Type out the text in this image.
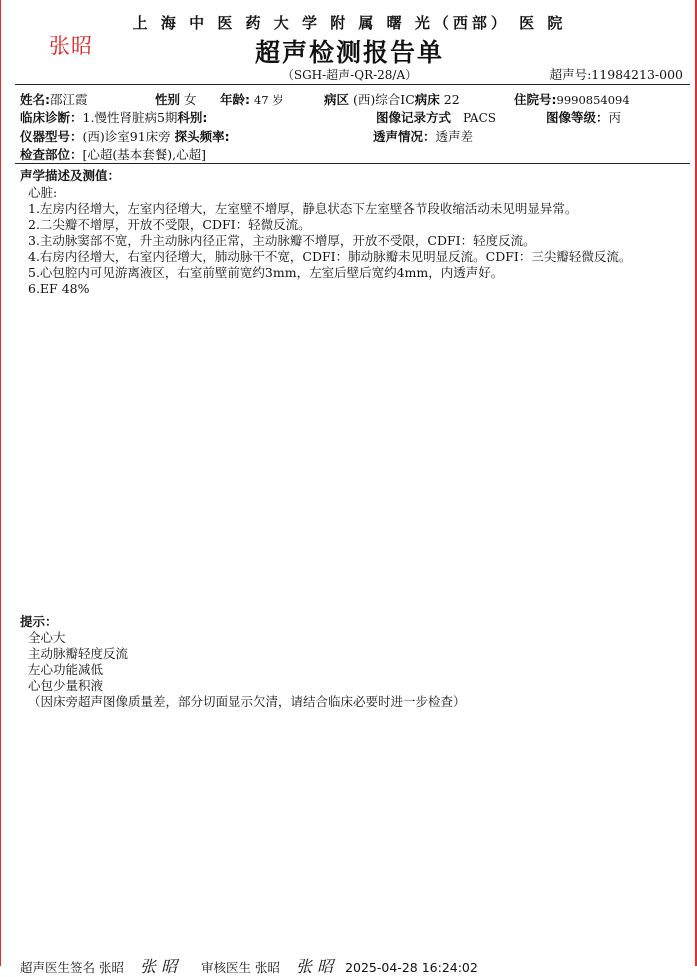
张昭
上 海 中 医 药 大 学 附 属 曙 光（西部） 医 院
超声检测报告单
（SGH-超声-QR-28/A）	超声号:11984213-000
姓名:邵江霞	性别 女 年龄: 47 岁	病区 (西)综合IC病床 22	住院号:9990854094
临床诊断：1.慢性肾脏病5期科别:	图像记录方式 PACS	图像等级：丙
仪器型号：(西)诊室91床旁 探头频率:	透声情况：透声差
检查部位：[心超(基本套餐),心超]
声学描述及测值：
心脏:
1.左房内径增大，左室内径增大，左室壁不增厚，静息状态下左室壁各节段收缩活动未见明显异常。
2.二尖瓣不增厚，开放不受限，CDFI：轻微反流。
3.主动脉窦部不宽，升主动脉内径正常，主动脉瓣不增厚，开放不受限，CDFI：轻度反流。
4.右房内径增大，右室内径增大，肺动脉干不宽，CDFI：肺动脉瓣未见明显反流。CDFI：三尖瓣轻微反流。
5.心包腔内可见游离液区，右室前壁前宽约3mm，左室后壁后宽约4mm，内透声好。
6.EF 48%
提示：
全心大
主动脉瓣轻度反流
左心功能减低
心包少量积液
（因床旁超声图像质量差，部分切面显示欠清，请结合临床必要时进一步检查）
超声医生签名 张昭 张 昭 审核医生 张昭 张 昭 2025-04-28 16:24:02
